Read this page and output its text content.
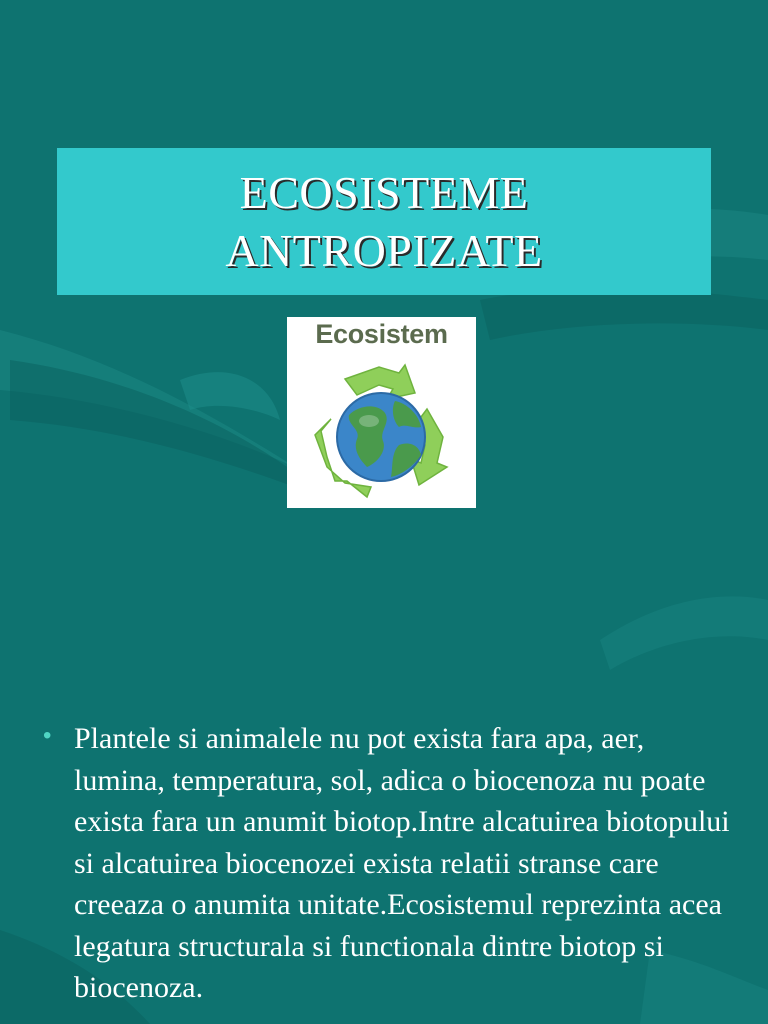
ECOSISTEME
ANTROPIZATE
Ecosistem
• Plantele si animalele nu pot exista fara apa, aer, lumina, temperatura, sol, adica o biocenoza nu poate exista fara un anumit biotop.Intre alcatuirea biotopului si alcatuirea biocenozei exista relatii stranse care creeaza o anumita unitate.Ecosistemul reprezinta acea legatura structurala si functionala dintre biotop si biocenoza.
